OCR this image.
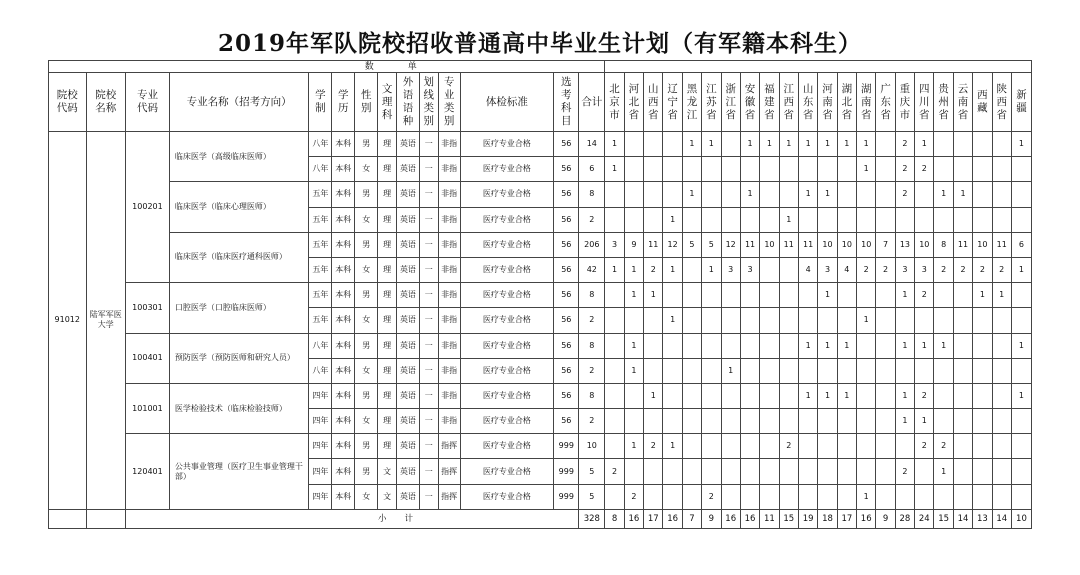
2019年军队院校招收普通高中毕业生计划（有军籍本科生）
数							单																												
院校代码	院校名称	专业代码	专业名称（招考方向）	学制	学历	性别	文理科	外语语种	划线类别	专业类别	体检标准	选考科目	合计	北京市	河北省	山西省	辽宁省	黑龙江	江苏省	浙江省	安徽省	福建省	江西省	山东省	河南省	湖北省	湖南省	广东省	重庆市	四川省	贵州省	云南省	西藏	陕西省	新疆
91012	陆军军医大学	100201	临床医学（高级临床医师）	八年	本科	男	理	英语	一	非指	医疗专业合格	56	14	1				1	1		1	1	1	1	1	1	1		2	1					1
				八年	本科	女	理	英语	一	非指	医疗专业合格	56	6	1													1		2	2					
			临床医学（临床心理医师）	五年	本科	男	理	英语	一	非指	医疗专业合格	56	8					1			1			1	1				2		1	1			
				五年	本科	女	理	英语	一	非指	医疗专业合格	56	2				1						1												
			临床医学（临床医疗通科医师）	五年	本科	男	理	英语	一	非指	医疗专业合格	56	206	3	9	11	12	5	5	12	11	10	11	11	10	10	10	7	13	10	8	11	10	11	6
				五年	本科	女	理	英语	一	非指	医疗专业合格	56	42	1	1	2	1		1	3	3			4	3	4	2	2	3	3	2	2	2	2	1
		100301	口腔医学（口腔临床医师）	五年	本科	男	理	英语	一	非指	医疗专业合格	56	8		1	1									1				1	2			1	1	
				五年	本科	女	理	英语	一	非指	医疗专业合格	56	2				1										1								
		100401	预防医学（预防医师和研究人员）	八年	本科	男	理	英语	一	非指	医疗专业合格	56	8		1									1	1	1			1	1	1				1
				八年	本科	女	理	英语	一	非指	医疗专业合格	56	2		1					1															
		101001	医学检验技术（临床检验技师）	四年	本科	男	理	英语	一	非指	医疗专业合格	56	8			1								1	1	1			1	2					1
				四年	本科	女	理	英语	一	非指	医疗专业合格	56	2																1	1					
		120401	公共事业管理（医疗卫生事业管理干部）	四年	本科	男	理	英语	一	指挥	医疗专业合格	999	10		1	2	1						2							2	2				
				四年	本科	男	文	英语	一	指挥	医疗专业合格	999	5	2															2		1				
				四年	本科	女	文	英语	一	指挥	医疗专业合格	999	5		2				2								1								
		小						计					328	8	16	17	16	7	9	16	16	11	15	19	18	17	16	9	28	24	15	14	13	14	10
